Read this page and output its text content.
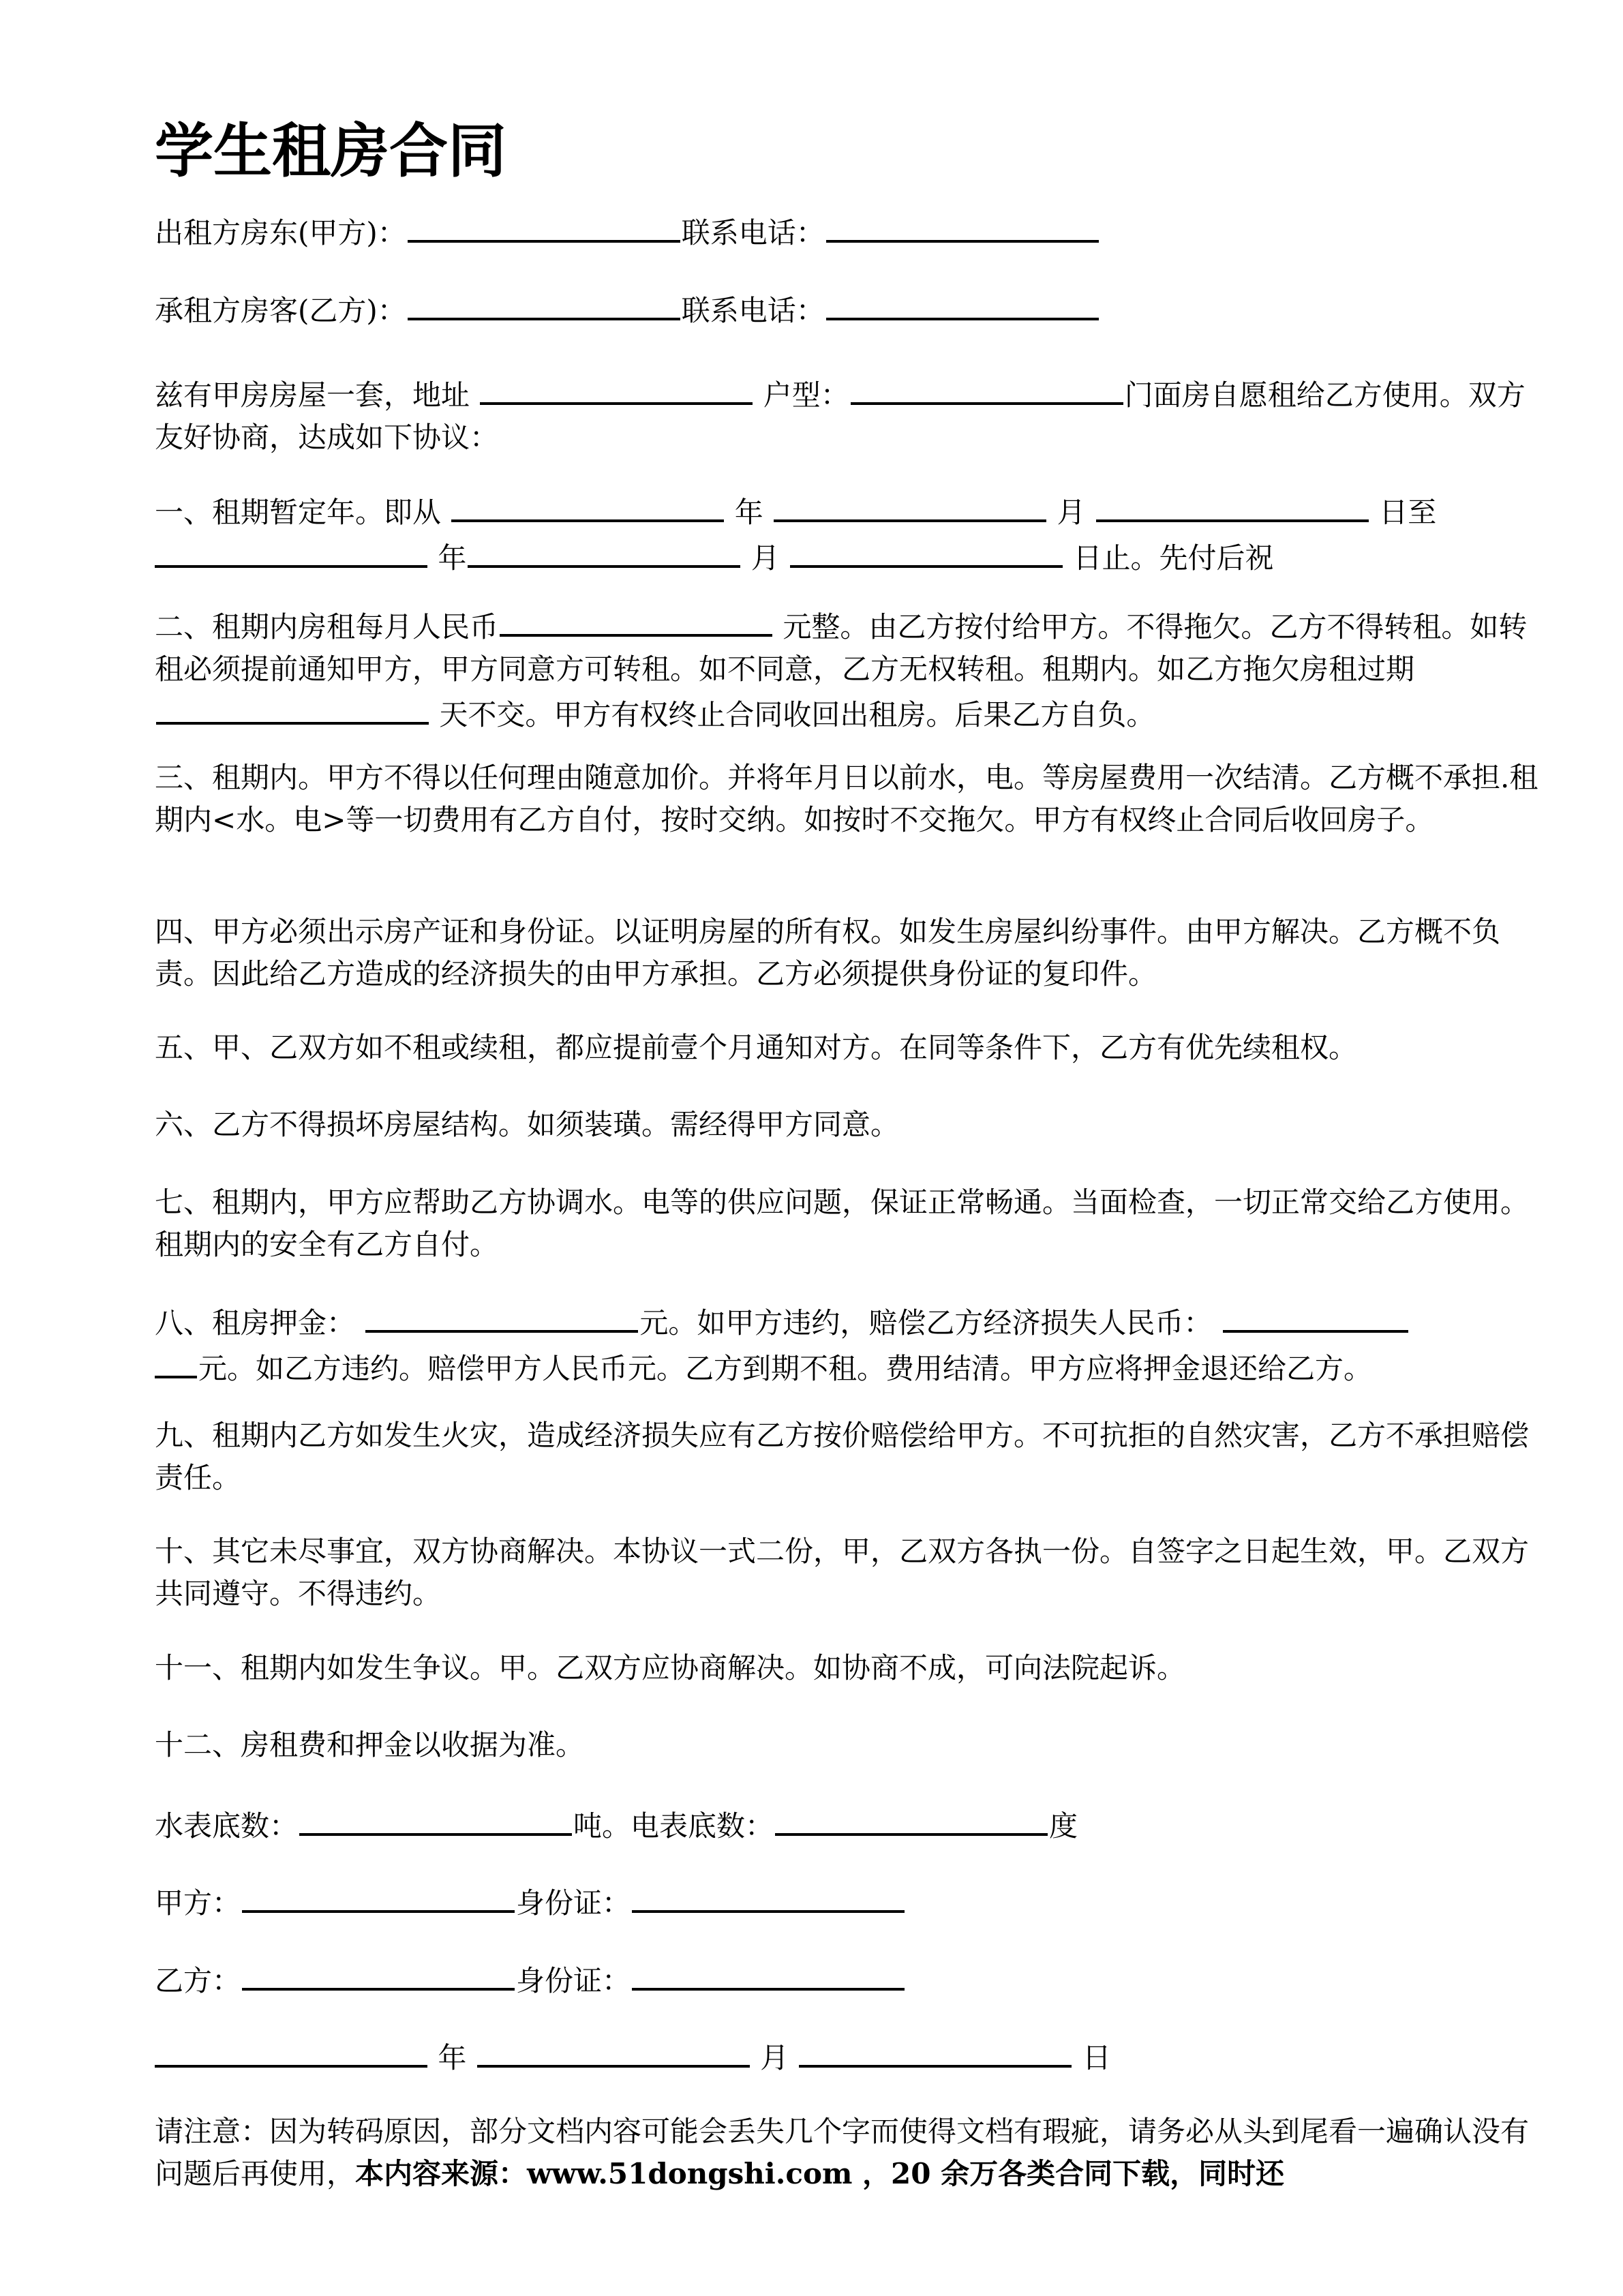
学生租房合同

出租方房东(甲方)：	联系电话：

承租方房客(乙方)：	联系电话：

兹有甲房房屋一套，地址	户型：	门面房自愿租给乙方使用。双方友好协商，达成如下协议：

一、租期暂定年。即从	年	月	日至
年	月	日止。先付后祝

二、租期内房租每月人民币	元整。由乙方按付给甲方。不得拖欠。乙方不得转租。如转租必须提前通知甲方，甲方同意方可转租。如不同意，乙方无权转租。租期内。如乙方拖欠房租过期  天不交。甲方有权终止合同收回出租房。后果乙方自负。

三、租期内。甲方不得以任何理由随意加价。并将年月日以前水，电。等房屋费用一次结清。乙方概不承担.租期内<水。电>等一切费用有乙方自付，按时交纳。如按时不交拖欠。甲方有权终止合同后收回房子。

四、甲方必须出示房产证和身份证。以证明房屋的所有权。如发生房屋纠纷事件。由甲方解决。乙方概不负责。因此给乙方造成的经济损失的由甲方承担。乙方必须提供身份证的复印件。

五、甲、乙双方如不租或续租，都应提前壹个月通知对方。在同等条件下，乙方有优先续租权。

六、乙方不得损坏房屋结构。如须装璜。需经得甲方同意。

七、租期内，甲方应帮助乙方协调水。电等的供应问题，保证正常畅通。当面检查，一切正常交给乙方使用。租期内的安全有乙方自付。

八、租房押金：	元。如甲方违约，赔偿乙方经济损失人民币：
元。如乙方违约。赔偿甲方人民币元。乙方到期不租。费用结清。甲方应将押金退还给乙方。

九、租期内乙方如发生火灾，造成经济损失应有乙方按价赔偿给甲方。不可抗拒的自然灾害，乙方不承担赔偿责任。

十、其它未尽事宜，双方协商解决。本协议一式二份，甲，乙双方各执一份。自签字之日起生效，甲。乙双方共同遵守。不得违约。

十一、租期内如发生争议。甲。乙双方应协商解决。如协商不成，可向法院起诉。

十二、房租费和押金以收据为准。

水表底数：	吨。电表底数：	度

甲方：	身份证：

乙方：	身份证：

年	月	日

请注意：因为转码原因，部分文档内容可能会丢失几个字而使得文档有瑕疵，请务必从头到尾看一遍确认没有问题后再使用，本内容来源：www.51dongshi.com ，20 余万各类合同下载，同时还
